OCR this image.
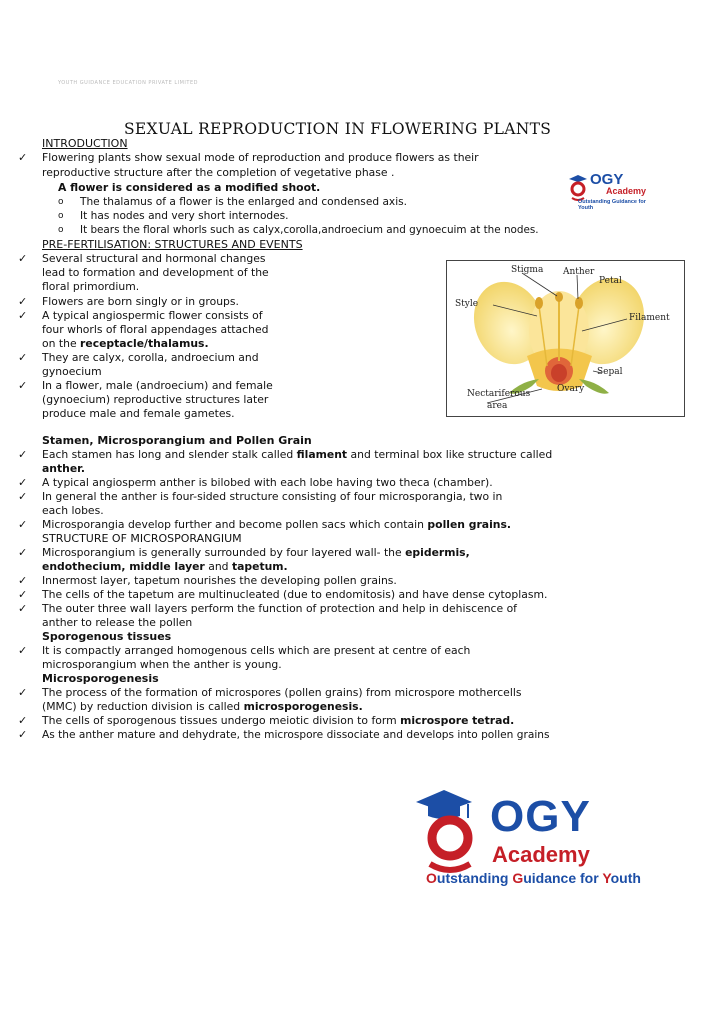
YOUTH GUIDANCE EDUCATION PRIVATE LIMITED
SEXUAL REPRODUCTION IN FLOWERING PLANTS
INTRODUCTION
✓ Flowering plants show sexual mode of reproduction and produce flowers as their
reproductive structure after the completion of vegetative phase .
A flower is considered as a modified shoot.
o The thalamus of a flower is the enlarged and condensed axis.
o It has nodes and very short internodes.
o It bears the floral whorls such as calyx,corolla,androecium and gynoecuim at the nodes.
OGY
Academy
Outstanding Guidance for Youth
PRE-FERTILISATION: STRUCTURES AND EVENTS
✓ Several structural and hormonal changes
lead to formation and development of the
floral primordium.
✓ Flowers are born singly or in groups.
✓ A typical angiospermic flower consists of
four whorls of floral appendages attached
on the receptacle/thalamus.
✓ They are calyx, corolla, androecium and
gynoecium
✓ In a flower, male (androecium) and female
(gynoecium) reproductive structures later
produce male and female gametes.
Stigma Anther
Petal
Style
Filament
Sepal
Ovary
Nectariferous
area
Stamen, Microsporangium and Pollen Grain
✓ Each stamen has long and slender stalk called filament and terminal box like structure called
anther.
✓ A typical angiosperm anther is bilobed with each lobe having two theca (chamber).
✓ In general the anther is four-sided structure consisting of four microsporangia, two in
each lobes.
✓ Microsporangia develop further and become pollen sacs which contain pollen grains.
STRUCTURE OF MICROSPORANGIUM
✓ Microsporangium is generally surrounded by four layered wall- the epidermis,
endothecium, middle layer and tapetum.
✓ Innermost layer, tapetum nourishes the developing pollen grains.
✓ The cells of the tapetum are multinucleated (due to endomitosis) and have dense cytoplasm.
✓ The outer three wall layers perform the function of protection and help in dehiscence of
anther to release the pollen
Sporogenous tissues
✓ It is compactly arranged homogenous cells which are present at centre of each
microsporangium when the anther is young.
Microsporogenesis
✓ The process of the formation of microspores (pollen grains) from microspore mothercells
(MMC) by reduction division is called microsporogenesis.
✓ The cells of sporogenous tissues undergo meiotic division to form microspore tetrad.
✓ As the anther mature and dehydrate, the microspore dissociate and develops into pollen grains
OGY
Academy
Outstanding Guidance for Youth
